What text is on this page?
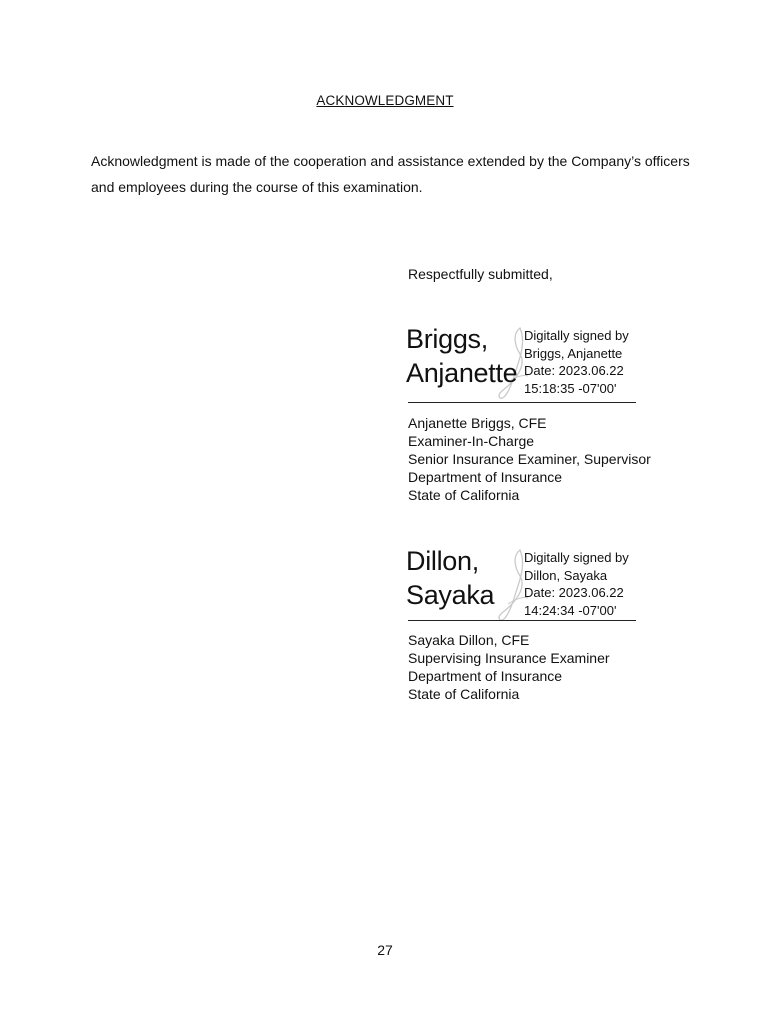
ACKNOWLEDGMENT

Acknowledgment is made of the cooperation and assistance extended by the Company’s officers and employees during the course of this examination.

Respectfully submitted,
Briggs,
Anjanette
Digitally signed by
Briggs, Anjanette
Date: 2023.06.22
15:18:35 -07'00'
Anjanette Briggs, CFE
Examiner-In-Charge
Senior Insurance Examiner, Supervisor
Department of Insurance
State of California
Dillon,
Sayaka
Digitally signed by
Dillon, Sayaka
Date: 2023.06.22
14:24:34 -07'00'
Sayaka Dillon, CFE
Supervising Insurance Examiner
Department of Insurance
State of California
27
